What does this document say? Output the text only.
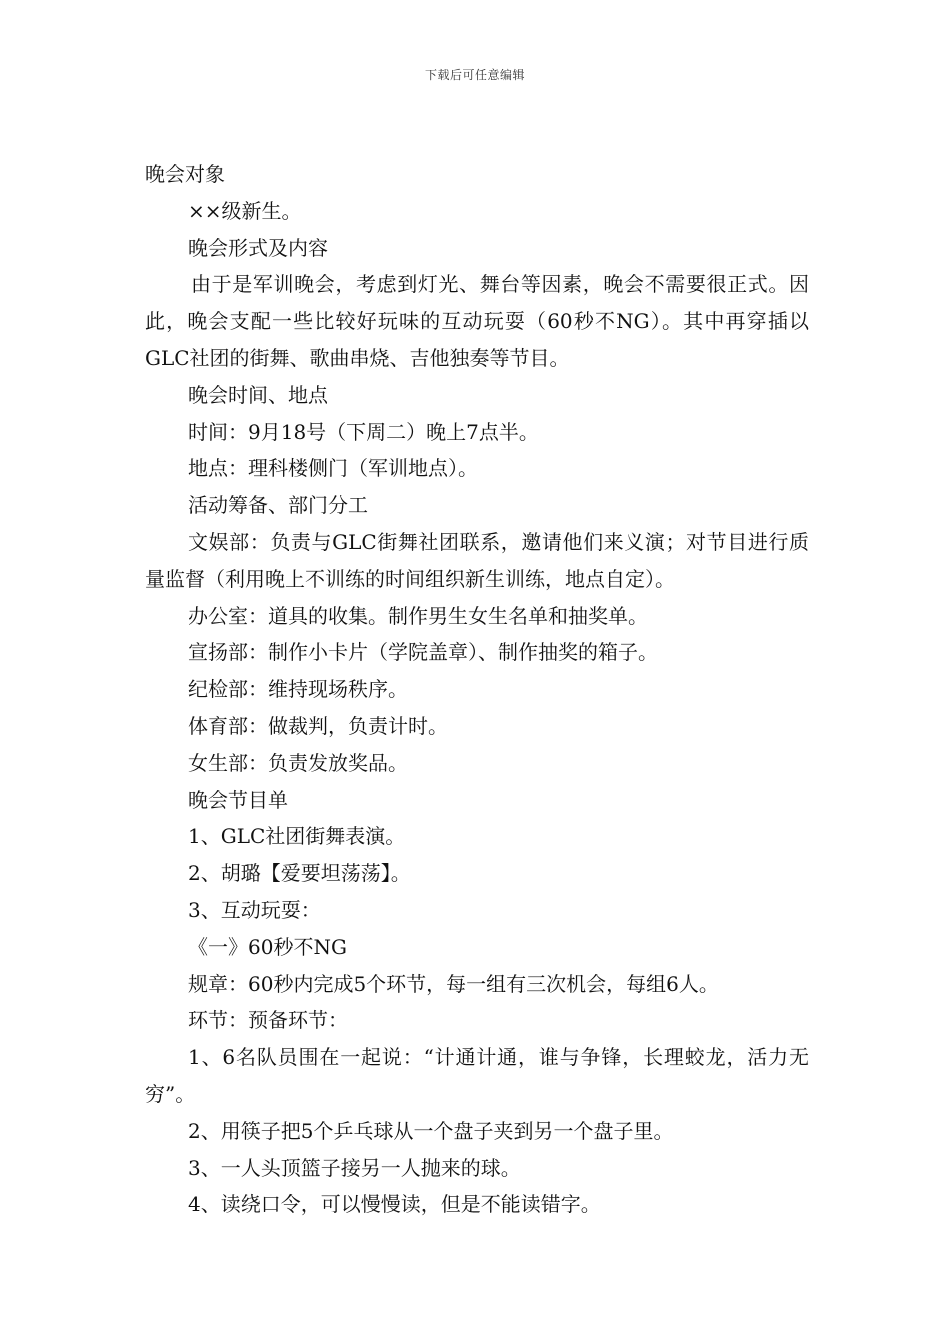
下载后可任意编辑

晚会对象

××级新生。

晚会形式及内容

由于是军训晚会，考虑到灯光、舞台等因素，晚会不需要很正式。因此，晚会支配一些比较好玩味的互动玩耍（60秒不NG）。其中再穿插以GLC社团的街舞、歌曲串烧、吉他独奏等节目。

晚会时间、地点

时间：9月18号（下周二）晚上7点半。

地点：理科楼侧门（军训地点）。

活动筹备、部门分工

文娱部：负责与GLC街舞社团联系，邀请他们来义演；对节目进行质量监督（利用晚上不训练的时间组织新生训练，地点自定）。

办公室：道具的收集。制作男生女生名单和抽奖单。

宣扬部：制作小卡片（学院盖章）、制作抽奖的箱子。

纪检部：维持现场秩序。

体育部：做裁判，负责计时。

女生部：负责发放奖品。

晚会节目单

1、GLC社团街舞表演。

2、胡璐【爱要坦荡荡】。

3、互动玩耍：

《一》60秒不NG

规章：60秒内完成5个环节，每一组有三次机会，每组6人。

环节：预备环节：

1、6名队员围在一起说：“计通计通，谁与争锋，长理蛟龙，活力无穷”。

2、用筷子把5个乒乓球从一个盘子夹到另一个盘子里。

3、一人头顶篮子接另一人抛来的球。

4、读绕口令，可以慢慢读，但是不能读错字。
